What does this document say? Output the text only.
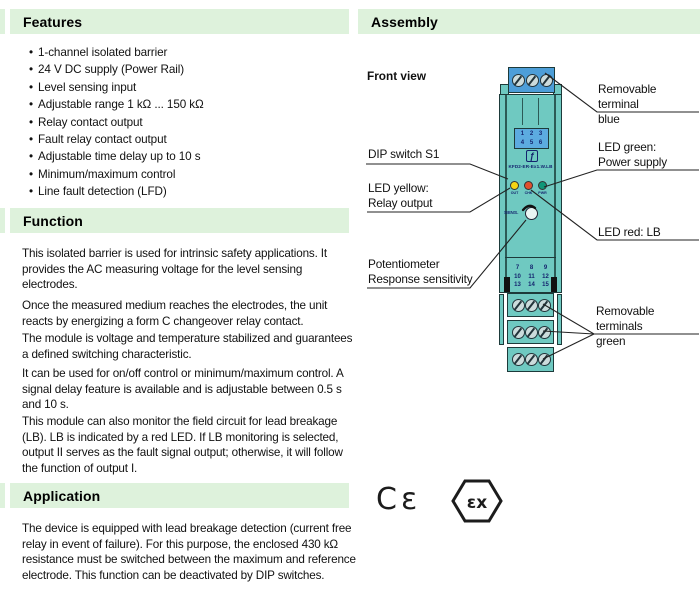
Features
• 1-channel isolated barrier
• 24 V DC supply (Power Rail)
• Level sensing input
• Adjustable range 1 kΩ ... 150 kΩ
• Relay contact output
• Fault relay contact output
• Adjustable time delay up to 10 s
• Minimum/maximum control
• Line fault detection (LFD)
Function

This isolated barrier is used for intrinsic safety applications. It provides the AC measuring voltage for the level sensing electrodes.

Once the measured medium reaches the electrodes, the unit reacts by energizing a form C changeover relay contact.

The module is voltage and temperature stabilized and guarantees a defined switching characteristic.

It can be used for on/off control or minimum/maximum control. A signal delay feature is available and is adjustable between 0.5 s and 10 s.

This module can also monitor the field circuit for lead breakage (LB). LB is indicated by a red LED. If LB monitoring is selected, output II serves as the fault signal output; otherwise, it will follow the function of output I.

Application

The device is equipped with lead breakage detection (current free relay in event of failure). For this purpose, the enclosed 430 kΩ resistance must be switched between the maximum and reference electrode. This function can be deactivated by DIP switches.

Assembly
Front view
1 2 3
4 5 6
ƒ
KFD2-ER-Ex1.W.LB
OUT CHK PWR
SENS.
7	8	9
10	11	12
13	14	15
DIP switch S1
LED yellow:
Relay output
Potentiometer
Response sensitivity
Removable terminal
blue
LED green:
Power supply
LED red: LB
Removable terminals
green
Cε	εx
